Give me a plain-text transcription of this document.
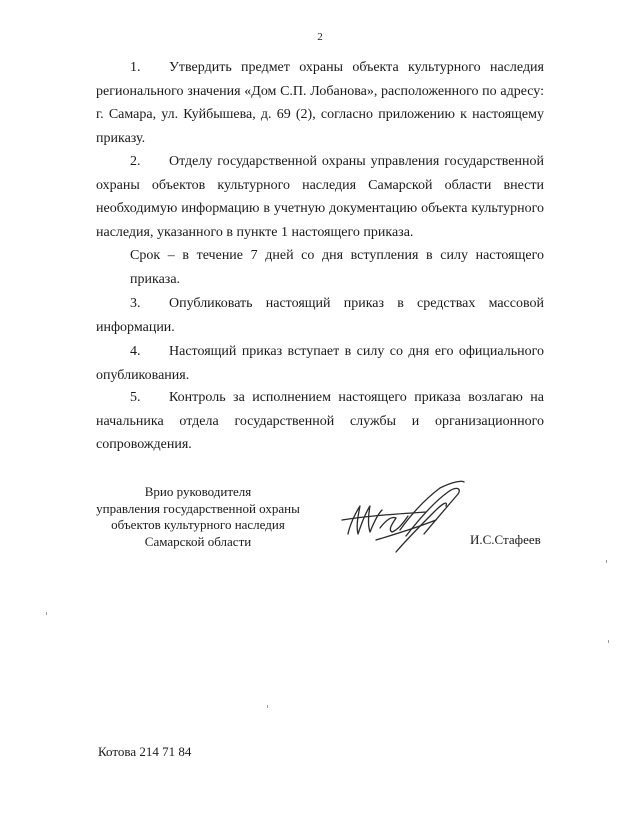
2

1. Утвердить предмет охраны объекта культурного наследия регионального значения «Дом С.П. Лобанова», расположенного по адресу: г. Самара, ул. Куйбышева, д. 69 (2), согласно приложению к настоящему приказу.

2. Отделу государственной охраны управления государственной охраны объектов культурного наследия Самарской области внести необходимую информацию в учетную документацию объекта культурного наследия, указанного в пункте 1 настоящего приказа.

Срок – в течение 7 дней со дня вступления в силу настоящего приказа.

3. Опубликовать настоящий приказ в средствах массовой информации.

4. Настоящий приказ вступает в силу со дня его официального опубликования.

5. Контроль за исполнением настоящего приказа возлагаю на начальника отдела государственной службы и организационного сопровождения.

Врио руководителя
управления государственной охраны
объектов культурного наследия
Самарской области	И.С.Стафеев
Котова 214 71 84
